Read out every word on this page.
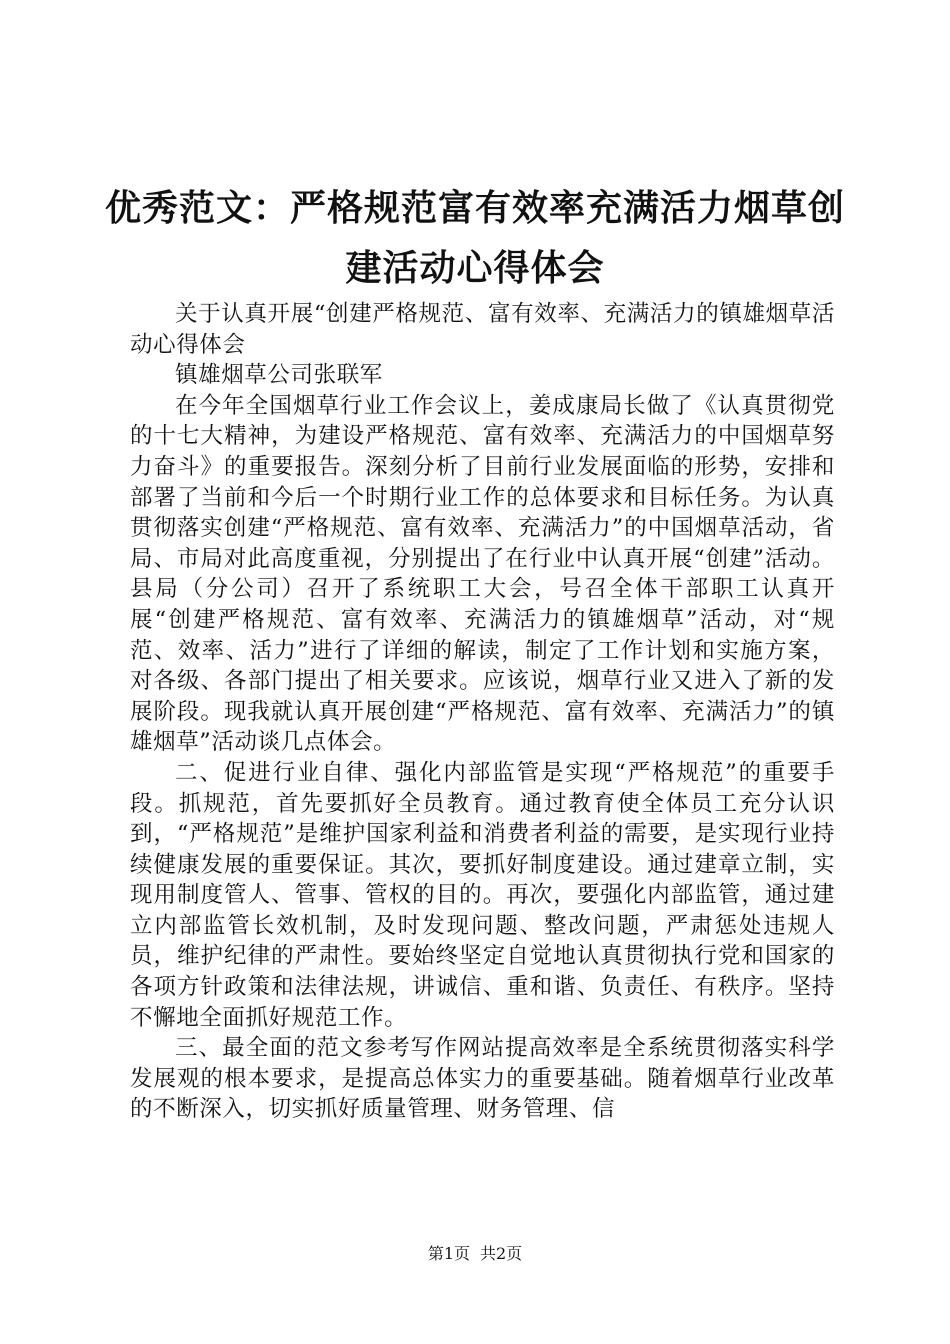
优秀范文：严格规范富有效率充满活力烟草创
建活动心得体会

关于认真开展“创建严格规范、富有效率、充满活力的镇雄烟草活动心得体会

镇雄烟草公司张联军

在今年全国烟草行业工作会议上，姜成康局长做了《认真贯彻党的十七大精神，为建设严格规范、富有效率、充满活力的中国烟草努力奋斗》的重要报告。深刻分析了目前行业发展面临的形势，安排和部署了当前和今后一个时期行业工作的总体要求和目标任务。为认真贯彻落实创建“严格规范、富有效率、充满活力”的中国烟草活动，省局、市局对此高度重视，分别提出了在行业中认真开展“创建”活动。县局（分公司）召开了系统职工大会，号召全体干部职工认真开展“创建严格规范、富有效率、充满活力的镇雄烟草”活动，对“规范、效率、活力”进行了详细的解读，制定了工作计划和实施方案，对各级、各部门提出了相关要求。应该说，烟草行业又进入了新的发展阶段。现我就认真开展创建“严格规范、富有效率、充满活力”的镇雄烟草”活动谈几点体会。

二、促进行业自律、强化内部监管是实现“严格规范”的重要手段。抓规范，首先要抓好全员教育。通过教育使全体员工充分认识到，“严格规范”是维护国家利益和消费者利益的需要，是实现行业持续健康发展的重要保证。其次，要抓好制度建设。通过建章立制，实现用制度管人、管事、管权的目的。再次，要强化内部监管，通过建立内部监管长效机制，及时发现问题、整改问题，严肃惩处违规人员，维护纪律的严肃性。要始终坚定自觉地认真贯彻执行党和国家的各项方针政策和法律法规，讲诚信、重和谐、负责任、有秩序。坚持不懈地全面抓好规范工作。

三、最全面的范文参考写作网站提高效率是全系统贯彻落实科学发展观的根本要求，是提高总体实力的重要基础。随着烟草行业改革的不断深入，切实抓好质量管理、财务管理、信

第1页 共2页
